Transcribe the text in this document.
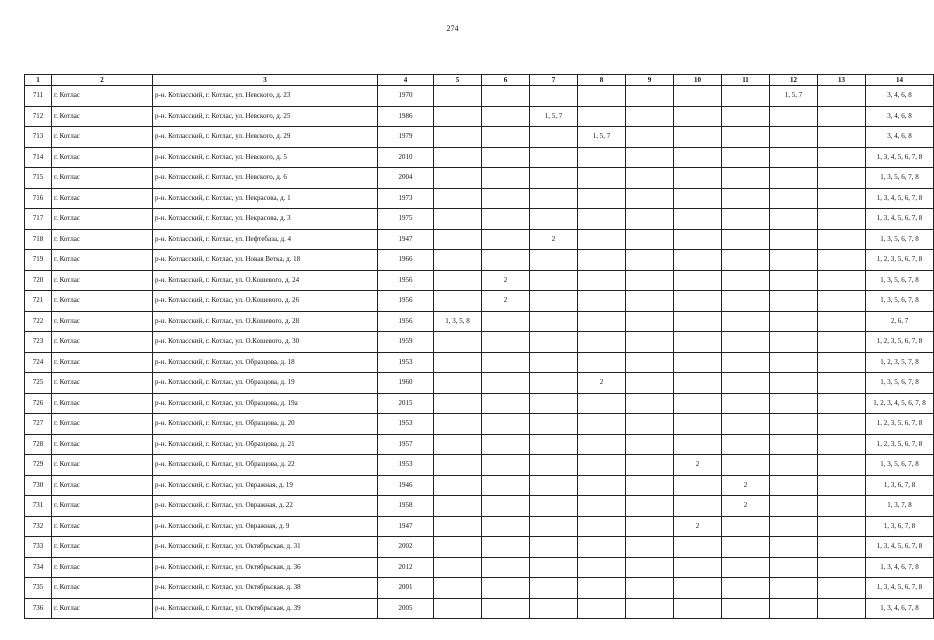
274
1	2	3	4	5	6	7	8	9	10	11	12	13	14
711	г. Котлас	р-н. Котласский, г. Котлас, ул. Невского, д. 23	1970								1, 5, 7		3, 4, 6, 8
712	г. Котлас	р-н. Котласский, г. Котлас, ул. Невского, д. 25	1986			1, 5, 7							3, 4, 6, 8
713	г. Котлас	р-н. Котласский, г. Котлас, ул. Невского, д. 29	1979				1, 5, 7						3, 4, 6, 8
714	г. Котлас	р-н. Котласский, г. Котлас, ул. Невского, д. 5	2010										1, 3, 4, 5, 6, 7, 8
715	г. Котлас	р-н. Котласский, г. Котлас, ул. Невского, д. 6	2004										1, 3, 5, 6, 7, 8
716	г. Котлас	р-н. Котласский, г. Котлас, ул. Некрасова, д. 1	1973										1, 3, 4, 5, 6, 7, 8
717	г. Котлас	р-н. Котласский, г. Котлас, ул. Некрасова, д. 3	1975										1, 3, 4, 5, 6, 7, 8
718	г. Котлас	р-н. Котласский, г. Котлас, ул. Нефтебаза, д. 4	1947			2							1, 3, 5, 6, 7, 8
719	г. Котлас	р-н. Котласский, г. Котлас, ул. Новая Ветка, д. 18	1966										1, 2, 3, 5, 6, 7, 8
720	г. Котлас	р-н. Котласский, г. Котлас, ул. О.Кошевого, д. 24	1956		2								1, 3, 5, 6, 7, 8
721	г. Котлас	р-н. Котласский, г. Котлас, ул. О.Кошевого, д. 26	1956		2								1, 3, 5, 6, 7, 8
722	г. Котлас	р-н. Котласский, г. Котлас, ул. О.Кошевого, д. 28	1956	1, 3, 5, 8									2, 6, 7
723	г. Котлас	р-н. Котласский, г. Котлас, ул. О.Кошевого, д. 30	1959										1, 2, 3, 5, 6, 7, 8
724	г. Котлас	р-н. Котласский, г. Котлас, ул. Образцова, д. 18	1953										1, 2, 3, 5, 7, 8
725	г. Котлас	р-н. Котласский, г. Котлас, ул. Образцова, д. 19	1960				2						1, 3, 5, 6, 7, 8
726	г. Котлас	р-н. Котласский, г. Котлас, ул. Образцова, д. 19а	2015										1, 2, 3, 4, 5, 6, 7, 8
727	г. Котлас	р-н. Котласский, г. Котлас, ул. Образцова, д. 20	1953										1, 2, 3, 5, 6, 7, 8
728	г. Котлас	р-н. Котласский, г. Котлас, ул. Образцова, д. 21	1957										1, 2, 3, 5, 6, 7, 8
729	г. Котлас	р-н. Котласский, г. Котлас, ул. Образцова, д. 22	1953						2				1, 3, 5, 6, 7, 8
730	г. Котлас	р-н. Котласский, г. Котлас, ул. Овражная, д. 19	1946							2			1, 3, 6, 7, 8
731	г. Котлас	р-н. Котласский, г. Котлас, ул. Овражная, д. 22	1958							2			1, 3, 7, 8
732	г. Котлас	р-н. Котласский, г. Котлас, ул. Овражная, д. 9	1947						2				1, 3, 6, 7, 8
733	г. Котлас	р-н. Котласский, г. Котлас, ул. Октябрьская, д. 31	2002										1, 3, 4, 5, 6, 7, 8
734	г. Котлас	р-н. Котласский, г. Котлас, ул. Октябрьская, д. 36	2012										1, 3, 4, 6, 7, 8
735	г. Котлас	р-н. Котласский, г. Котлас, ул. Октябрьская, д. 38	2001										1, 3, 4, 5, 6, 7, 8
736	г. Котлас	р-н. Котласский, г. Котлас, ул. Октябрьская, д. 39	2005										1, 3, 4, 6, 7, 8
